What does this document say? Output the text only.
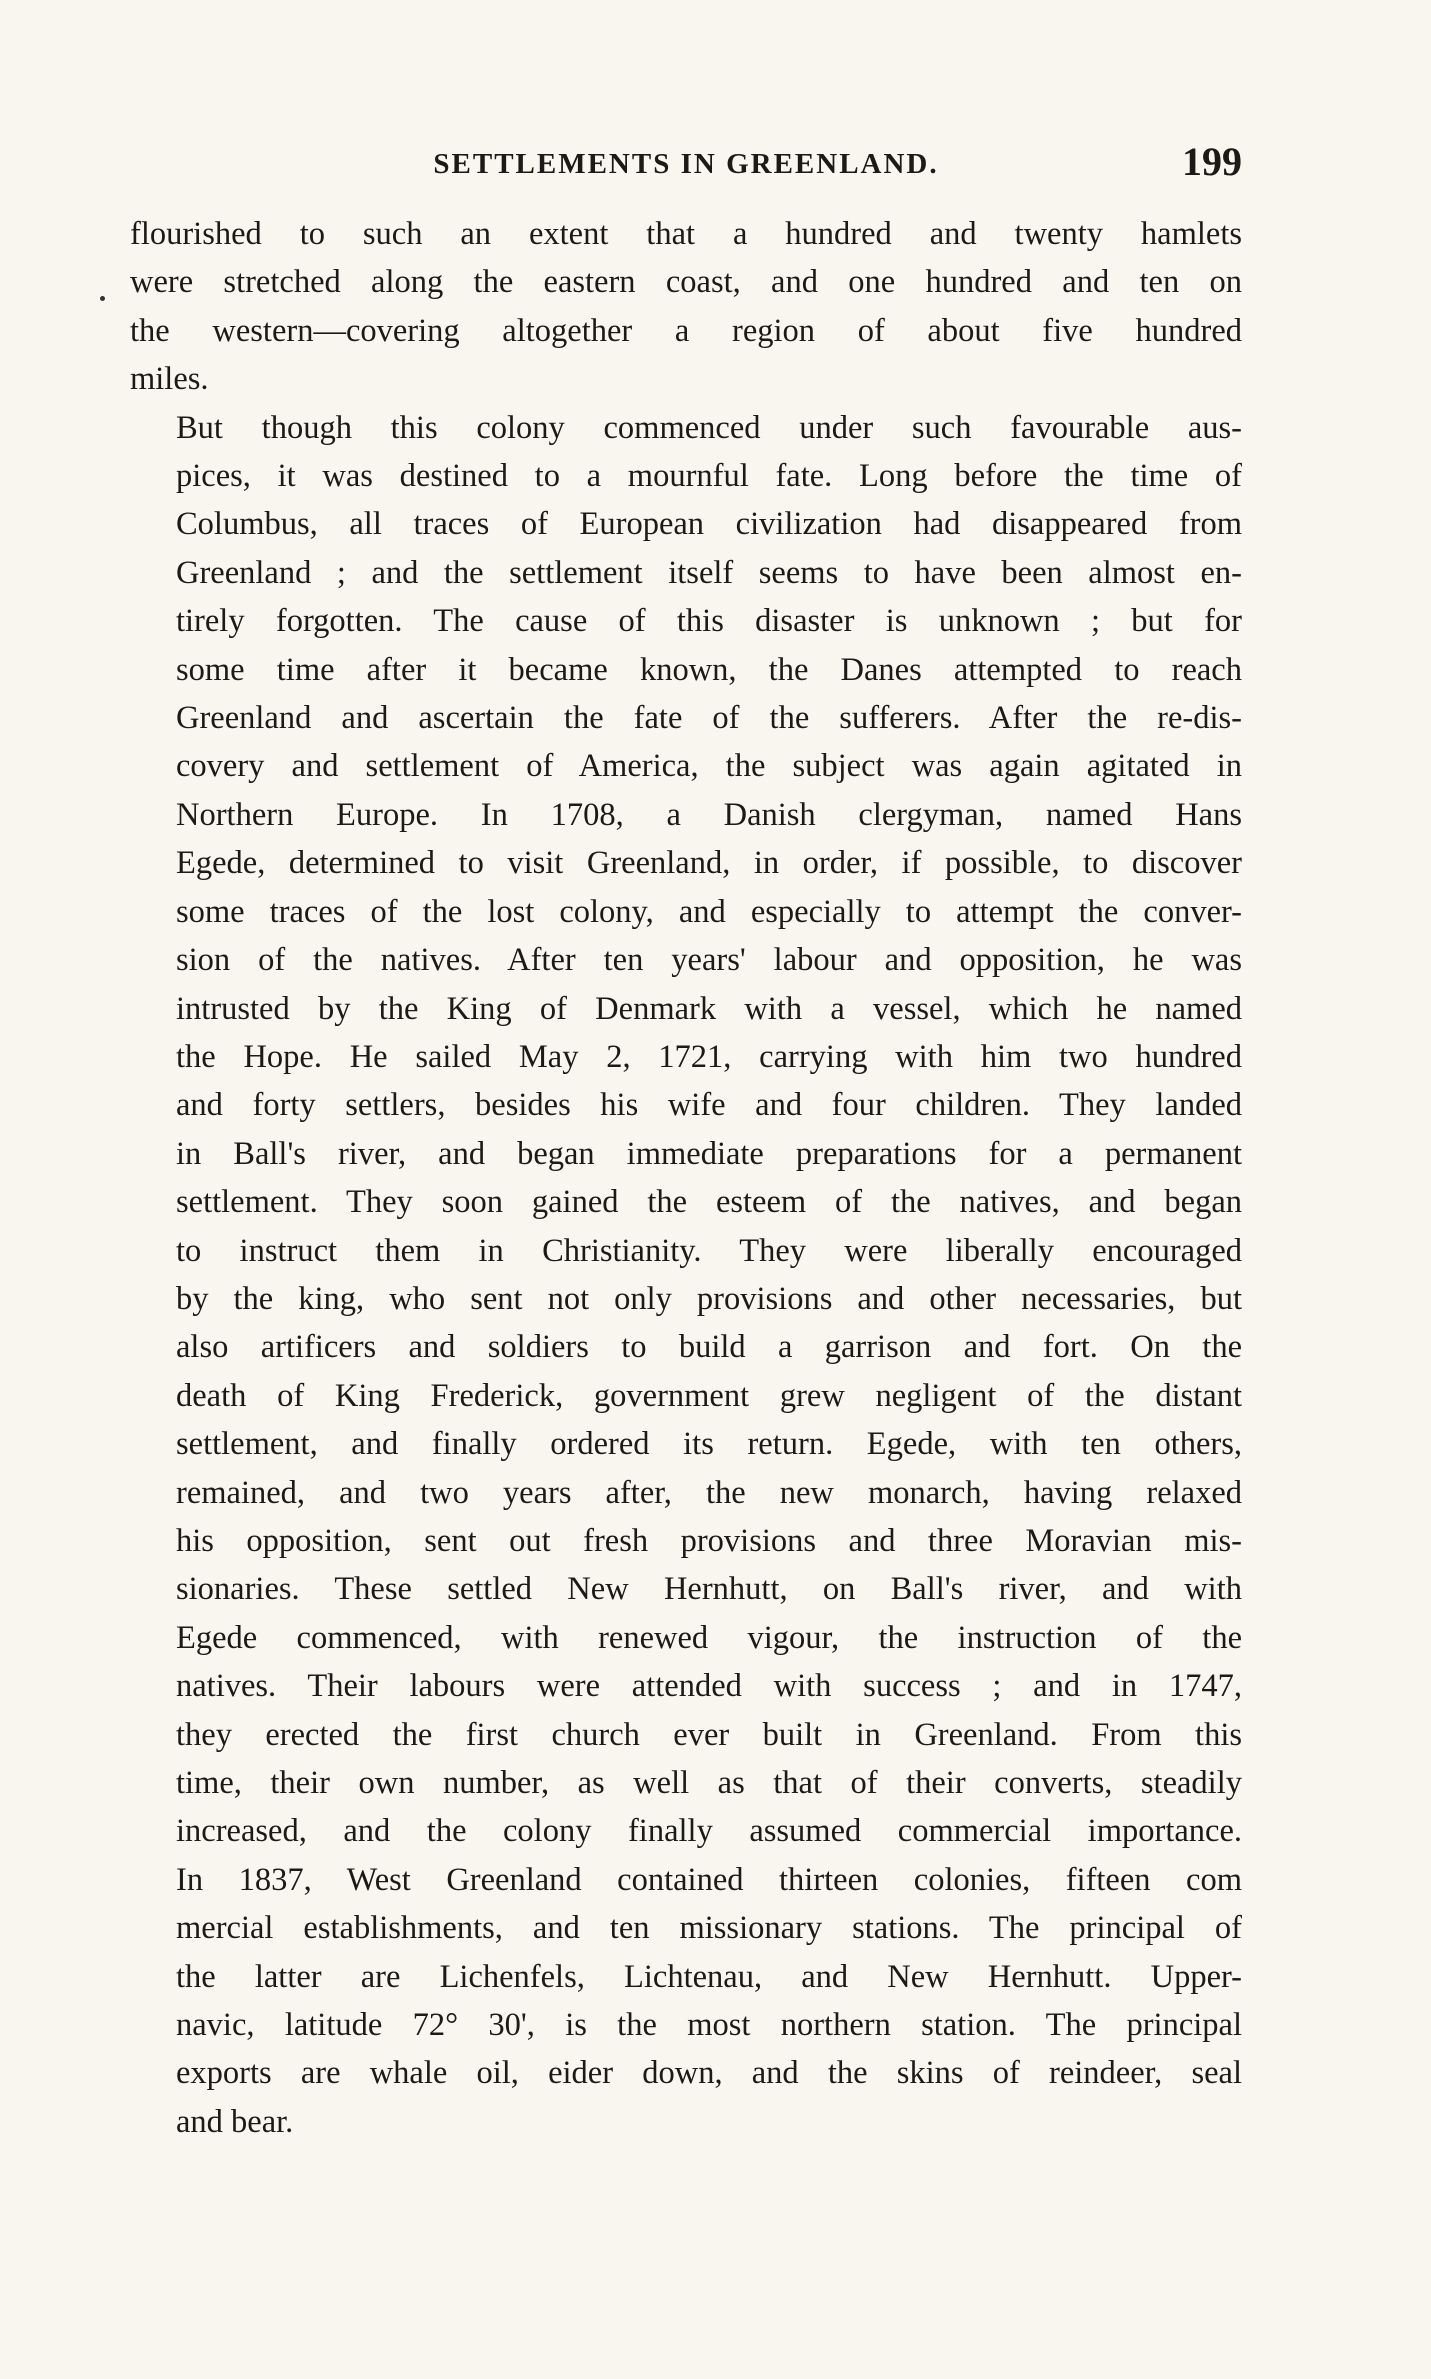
SETTLEMENTS IN GREENLAND.	199

flourished to such an extent that a hundred and twenty hamlets
were stretched along the eastern coast, and one hundred and ten on
the western—covering altogether a region of about five hundred
miles.

But though this colony commenced under such favourable aus-
pices, it was destined to a mournful fate. Long before the time of
Columbus, all traces of European civilization had disappeared from
Greenland ; and the settlement itself seems to have been almost en-
tirely forgotten. The cause of this disaster is unknown ; but for
some time after it became known, the Danes attempted to reach
Greenland and ascertain the fate of the sufferers. After the re-dis-
covery and settlement of America, the subject was again agitated in
Northern Europe. In 1708, a Danish clergyman, named Hans
Egede, determined to visit Greenland, in order, if possible, to discover
some traces of the lost colony, and especially to attempt the conver-
sion of the natives. After ten years' labour and opposition, he was
intrusted by the King of Denmark with a vessel, which he named
the Hope. He sailed May 2, 1721, carrying with him two hundred
and forty settlers, besides his wife and four children. They landed
in Ball's river, and began immediate preparations for a permanent
settlement. They soon gained the esteem of the natives, and began
to instruct them in Christianity. They were liberally encouraged
by the king, who sent not only provisions and other necessaries, but
also artificers and soldiers to build a garrison and fort. On the
death of King Frederick, government grew negligent of the distant
settlement, and finally ordered its return. Egede, with ten others,
remained, and two years after, the new monarch, having relaxed
his opposition, sent out fresh provisions and three Moravian mis-
sionaries. These settled New Hernhutt, on Ball's river, and with
Egede commenced, with renewed vigour, the instruction of the
natives. Their labours were attended with success ; and in 1747,
they erected the first church ever built in Greenland. From this
time, their own number, as well as that of their converts, steadily
increased, and the colony finally assumed commercial importance.
In 1837, West Greenland contained thirteen colonies, fifteen com
mercial establishments, and ten missionary stations. The principal of
the latter are Lichenfels, Lichtenau, and New Hernhutt. Upper-
navic, latitude 72° 30', is the most northern station. The principal
exports are whale oil, eider down, and the skins of reindeer, seal
and bear.
